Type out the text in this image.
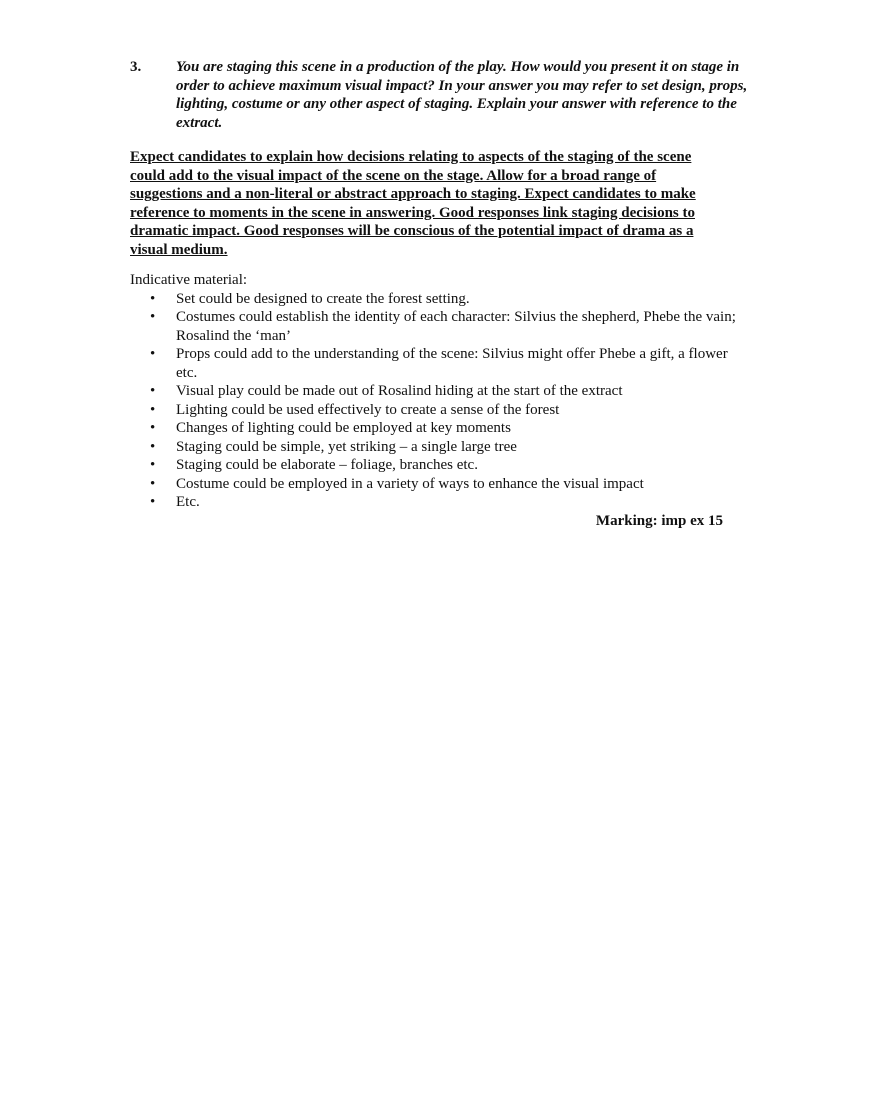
3. You are staging this scene in a production of the play. How would you present it on stage in order to achieve maximum visual impact? In your answer you may refer to set design, props, lighting, costume or any other aspect of staging. Explain your answer with reference to the extract.
Expect candidates to explain how decisions relating to aspects of the staging of the scene could add to the visual impact of the scene on the stage. Allow for a broad range of suggestions and a non-literal or abstract approach to staging. Expect candidates to make reference to moments in the scene in answering. Good responses link staging decisions to dramatic impact. Good responses will be conscious of the potential impact of drama as a visual medium.

Indicative material:

• Set could be designed to create the forest setting.
• Costumes could establish the identity of each character: Silvius the shepherd, Phebe the vain; Rosalind the ‘man’
• Props could add to the understanding of the scene: Silvius might offer Phebe a gift, a flower etc.
• Visual play could be made out of Rosalind hiding at the start of the extract
• Lighting could be used effectively to create a sense of the forest
• Changes of lighting could be employed at key moments
• Staging could be simple, yet striking – a single large tree
• Staging could be elaborate – foliage, branches etc.
• Costume could be employed in a variety of ways to enhance the visual impact
• Etc.
Marking: imp ex 15
